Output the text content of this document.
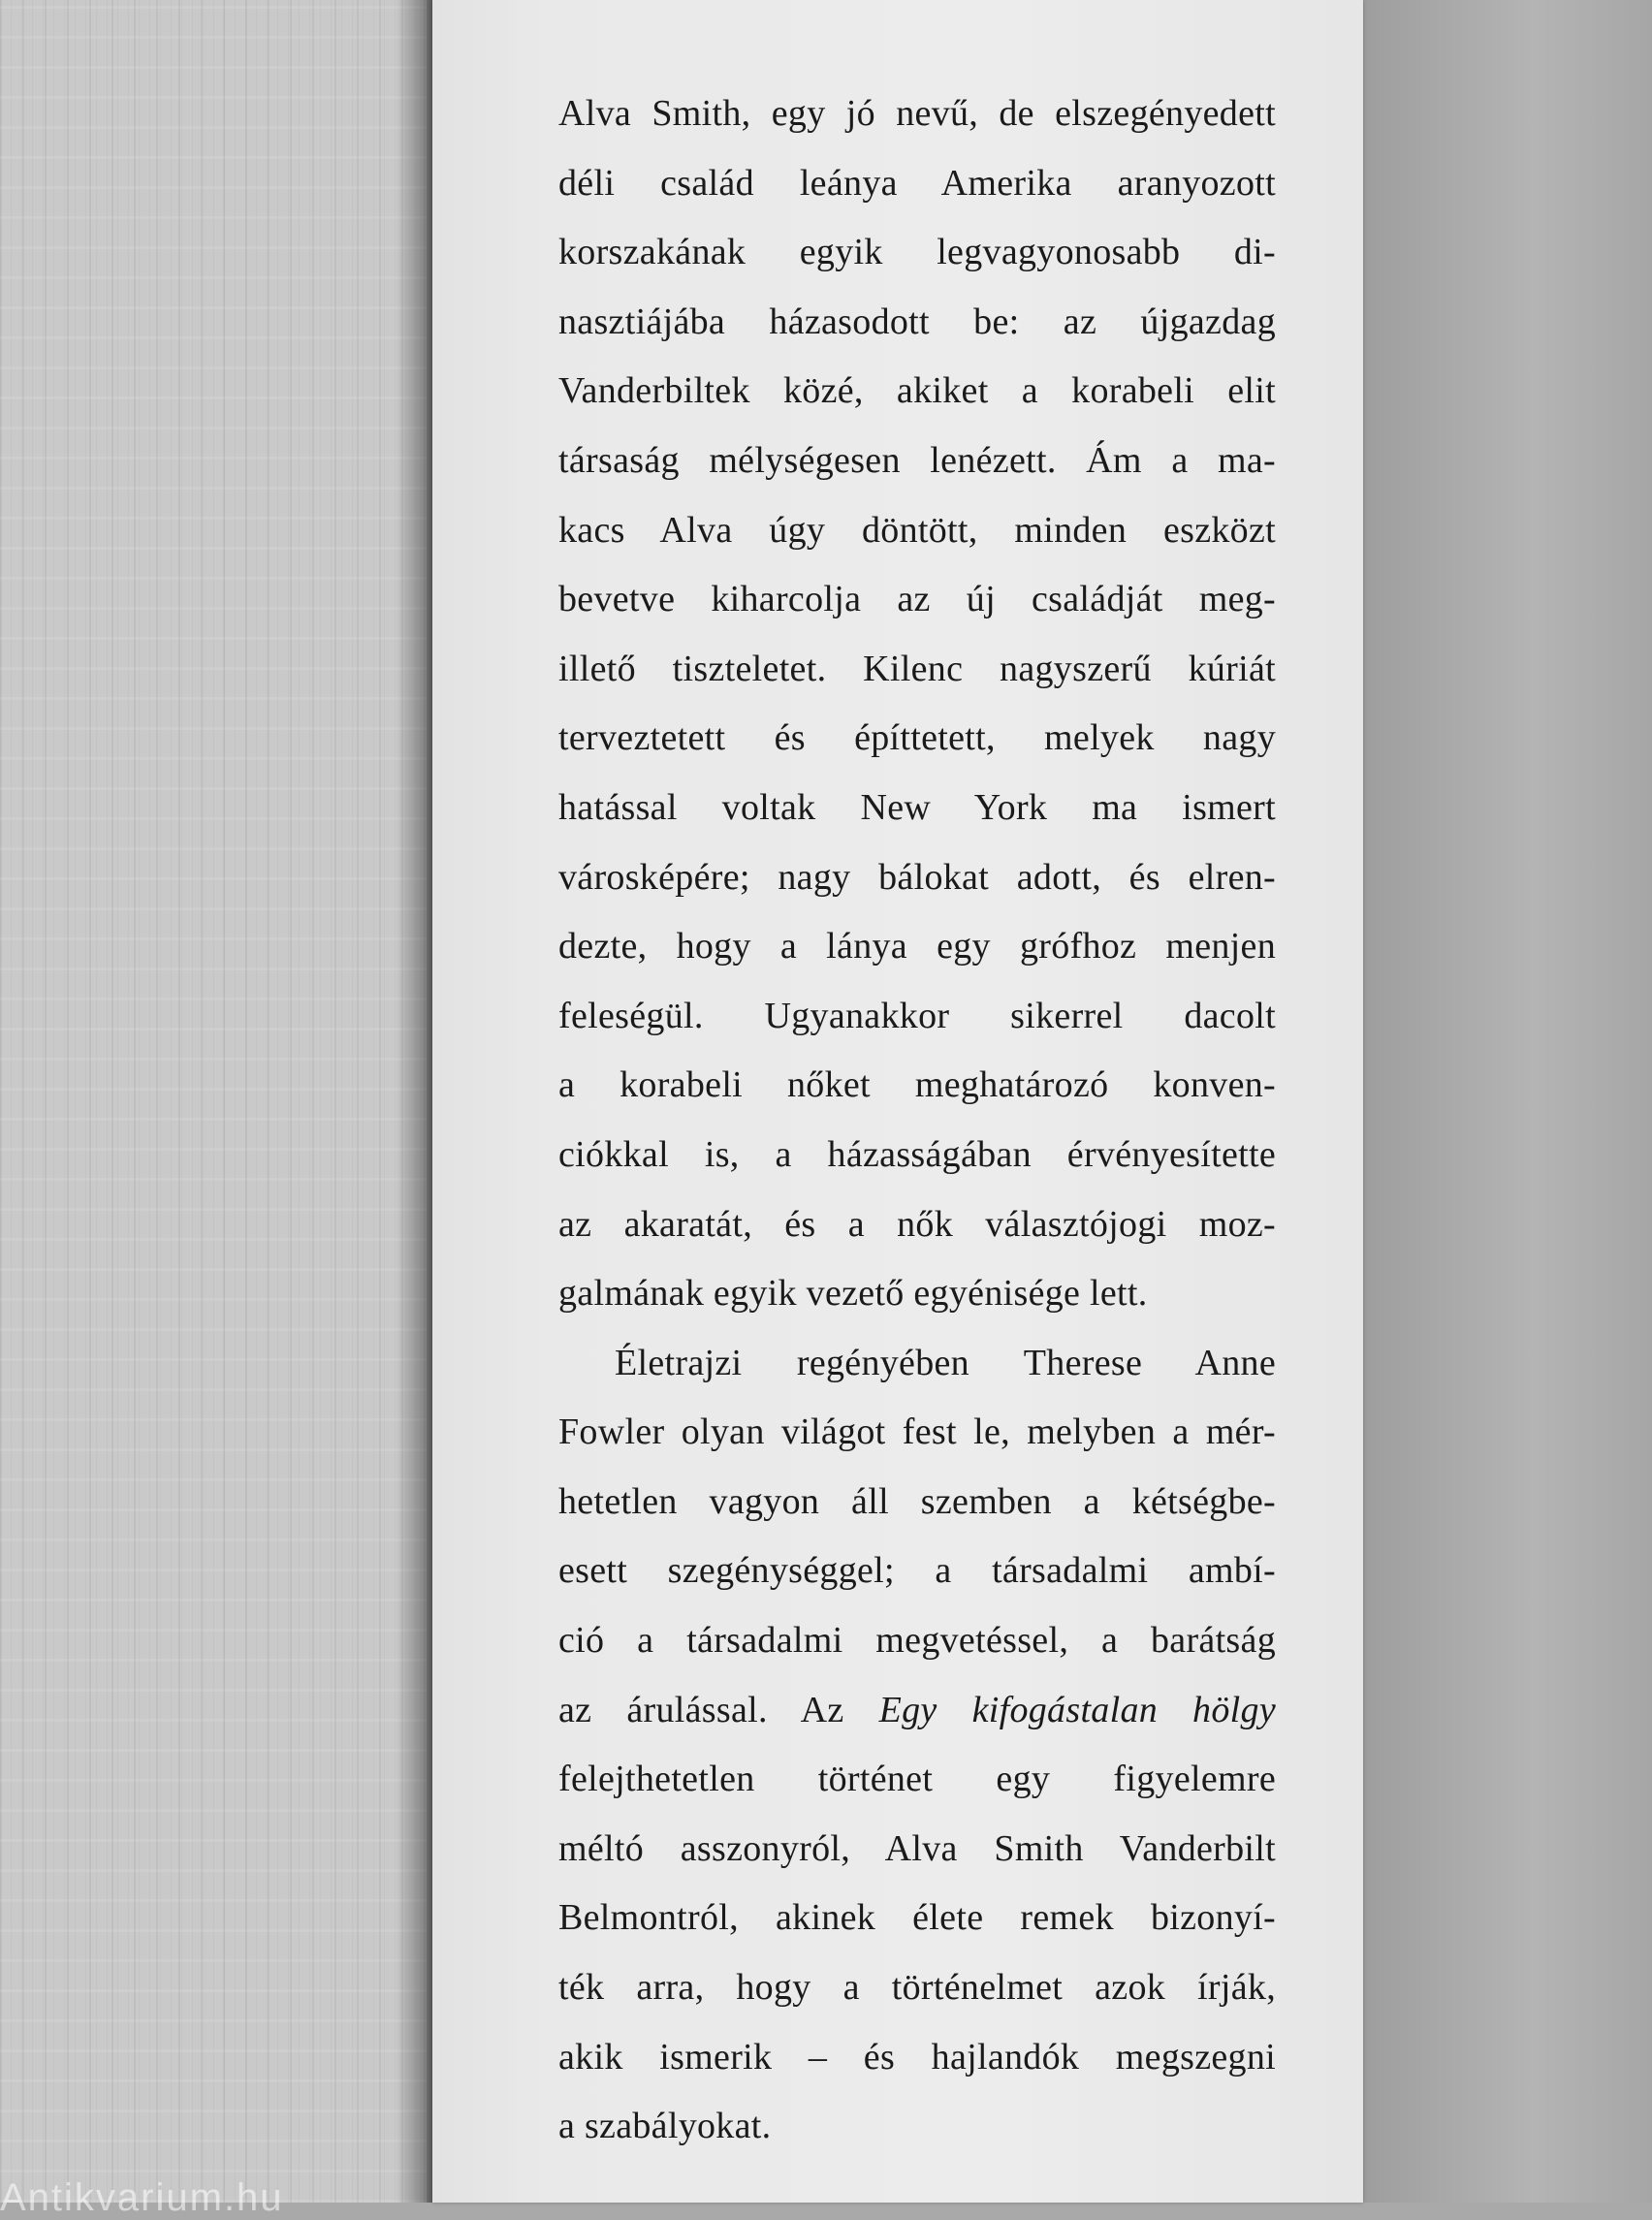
Alva Smith, egy jó nevű, de elszegényedett
déli család leánya Amerika aranyozott
korszakának egyik legvagyonosabb di-
nasztiájába házasodott be: az újgazdag
Vanderbiltek közé, akiket a korabeli elit
társaság mélységesen lenézett. Ám a ma-
kacs Alva úgy döntött, minden eszközt
bevetve kiharcolja az új családját meg-
illető tiszteletet. Kilenc nagyszerű kúriát
terveztetett és építtetett, melyek nagy
hatással voltak New York ma ismert
városképére; nagy bálokat adott, és elren-
dezte, hogy a lánya egy grófhoz menjen
feleségül. Ugyanakkor sikerrel dacolt
a korabeli nőket meghatározó konven-
ciókkal is, a házasságában érvényesítette
az akaratát, és a nők választójogi moz-
galmának egyik vezető egyénisége lett.
Életrajzi regényében Therese Anne
Fowler olyan világot fest le, melyben a mér-
hetetlen vagyon áll szemben a kétségbe-
esett szegénységgel; a társadalmi ambí-
ció a társadalmi megvetéssel, a barátság
az árulással. Az Egy kifogástalan hölgy
felejthetetlen történet egy figyelemre
méltó asszonyról, Alva Smith Vanderbilt
Belmontról, akinek élete remek bizonyí-
ték arra, hogy a történelmet azok írják,
akik ismerik – és hajlandók megszegni
a szabályokat.
Antikvarium.hu
